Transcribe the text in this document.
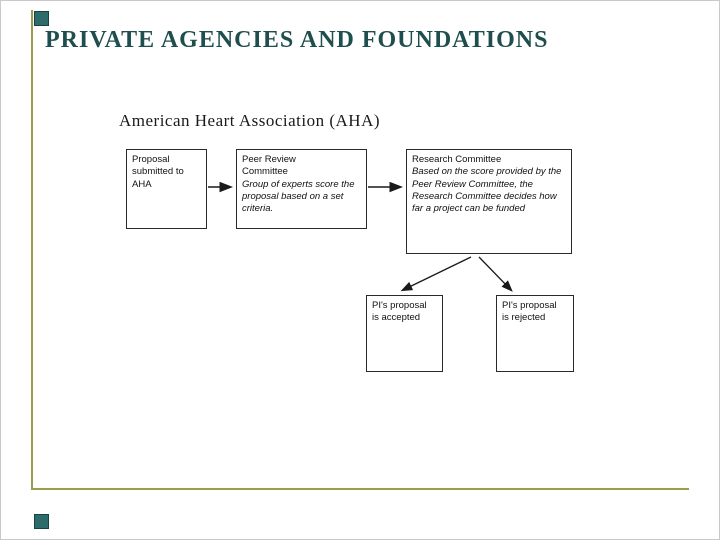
PRIVATE AGENCIES AND FOUNDATIONS
American Heart Association (AHA)
Proposal submitted to AHA
Peer Review Committee
Group of experts score the proposal based on a set criteria.
Research Committee
Based on the score provided by the Peer Review Committee, the Research Committee decides how far a project can be funded
PI's proposal is accepted
PI's proposal is rejected
